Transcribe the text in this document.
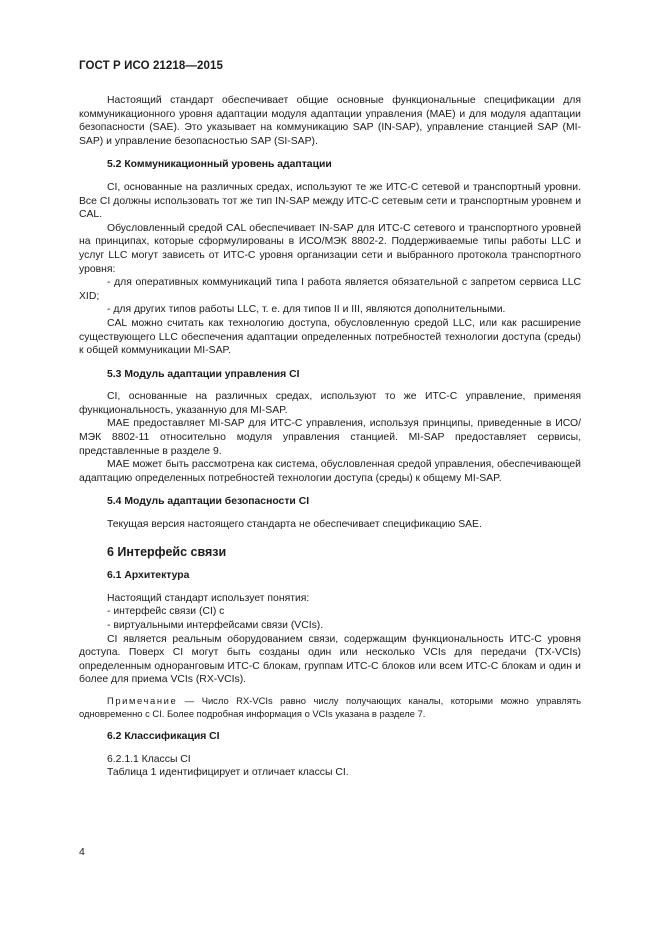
ГОСТ Р ИСО 21218—2015

Настоящий стандарт обеспечивает общие основные функциональные спецификации для коммуникационного уровня адаптации модуля адаптации управления (МАЕ) и для модуля адаптации безопасности (SAE). Это указывает на коммуникацию SAP (IN-SAP), управление станцией SAP (MI-SAP) и управление безопасностью SAP (SI-SAP).

5.2 Коммуникационный уровень адаптации

CI, основанные на различных средах, используют те же ИТС-С сетевой и транспортный уровни. Все CI должны использовать тот же тип IN-SAP между ИТС-С сетевым сети и транспортным уровнем и CAL.

Обусловленный средой CAL обеспечивает IN-SAP для ИТС-С сетевого и транспортного уровней на принципах, которые сформулированы в ИСО/МЭК 8802-2. Поддерживаемые типы работы LLC и услуг LLC могут зависеть от ИТС-С уровня организации сети и выбранного протокола транспортного уровня:

- для оперативных коммуникаций типа I работа является обязательной с запретом сервиса LLC XID;

- для других типов работы LLC, т. е. для типов II и III, являются дополнительными.

CAL можно считать как технологию доступа, обусловленную средой LLC, или как расширение существующего LLC обеспечения адаптации определенных потребностей технологии доступа (среды) к общей коммуникации MI-SAP.

5.3 Модуль адаптации управления CI

CI, основанные на различных средах, используют то же ИТС-С управление, применяя функциональность, указанную для MI-SAP.

МАЕ предоставляет MI-SAP для ИТС-С управления, используя принципы, приведенные в ИСО/МЭК 8802-11 относительно модуля управления станцией. MI-SAP предоставляет сервисы, представленные в разделе 9.

МАЕ может быть рассмотрена как система, обусловленная средой управления, обеспечивающей адаптацию определенных потребностей технологии доступа (среды) к общему MI-SAP.

5.4 Модуль адаптации безопасности CI

Текущая версия настоящего стандарта не обеспечивает спецификацию SAE.

6 Интерфейс связи
6.1 Архитектура

Настоящий стандарт использует понятия:

- интерфейс связи (CI) с

- виртуальными интерфейсами связи (VCIs).

CI является реальным оборудованием связи, содержащим функциональность ИТС-С уровня доступа. Поверх CI могут быть созданы один или несколько VCIs для передачи (TX-VCIs) определенным одноранговым ИТС-С блокам, группам ИТС-С блоков или всем ИТС-С блокам и один и более для приема VCIs (RX-VCIs).

Примечание — Число RX-VCIs равно числу получающих каналы, которыми можно управлять одновременно с CI. Более подробная информация о VCIs указана в разделе 7.

6.2 Классификация CI

6.2.1.1 Классы CI

Таблица 1 идентифицирует и отличает классы CI.

4
